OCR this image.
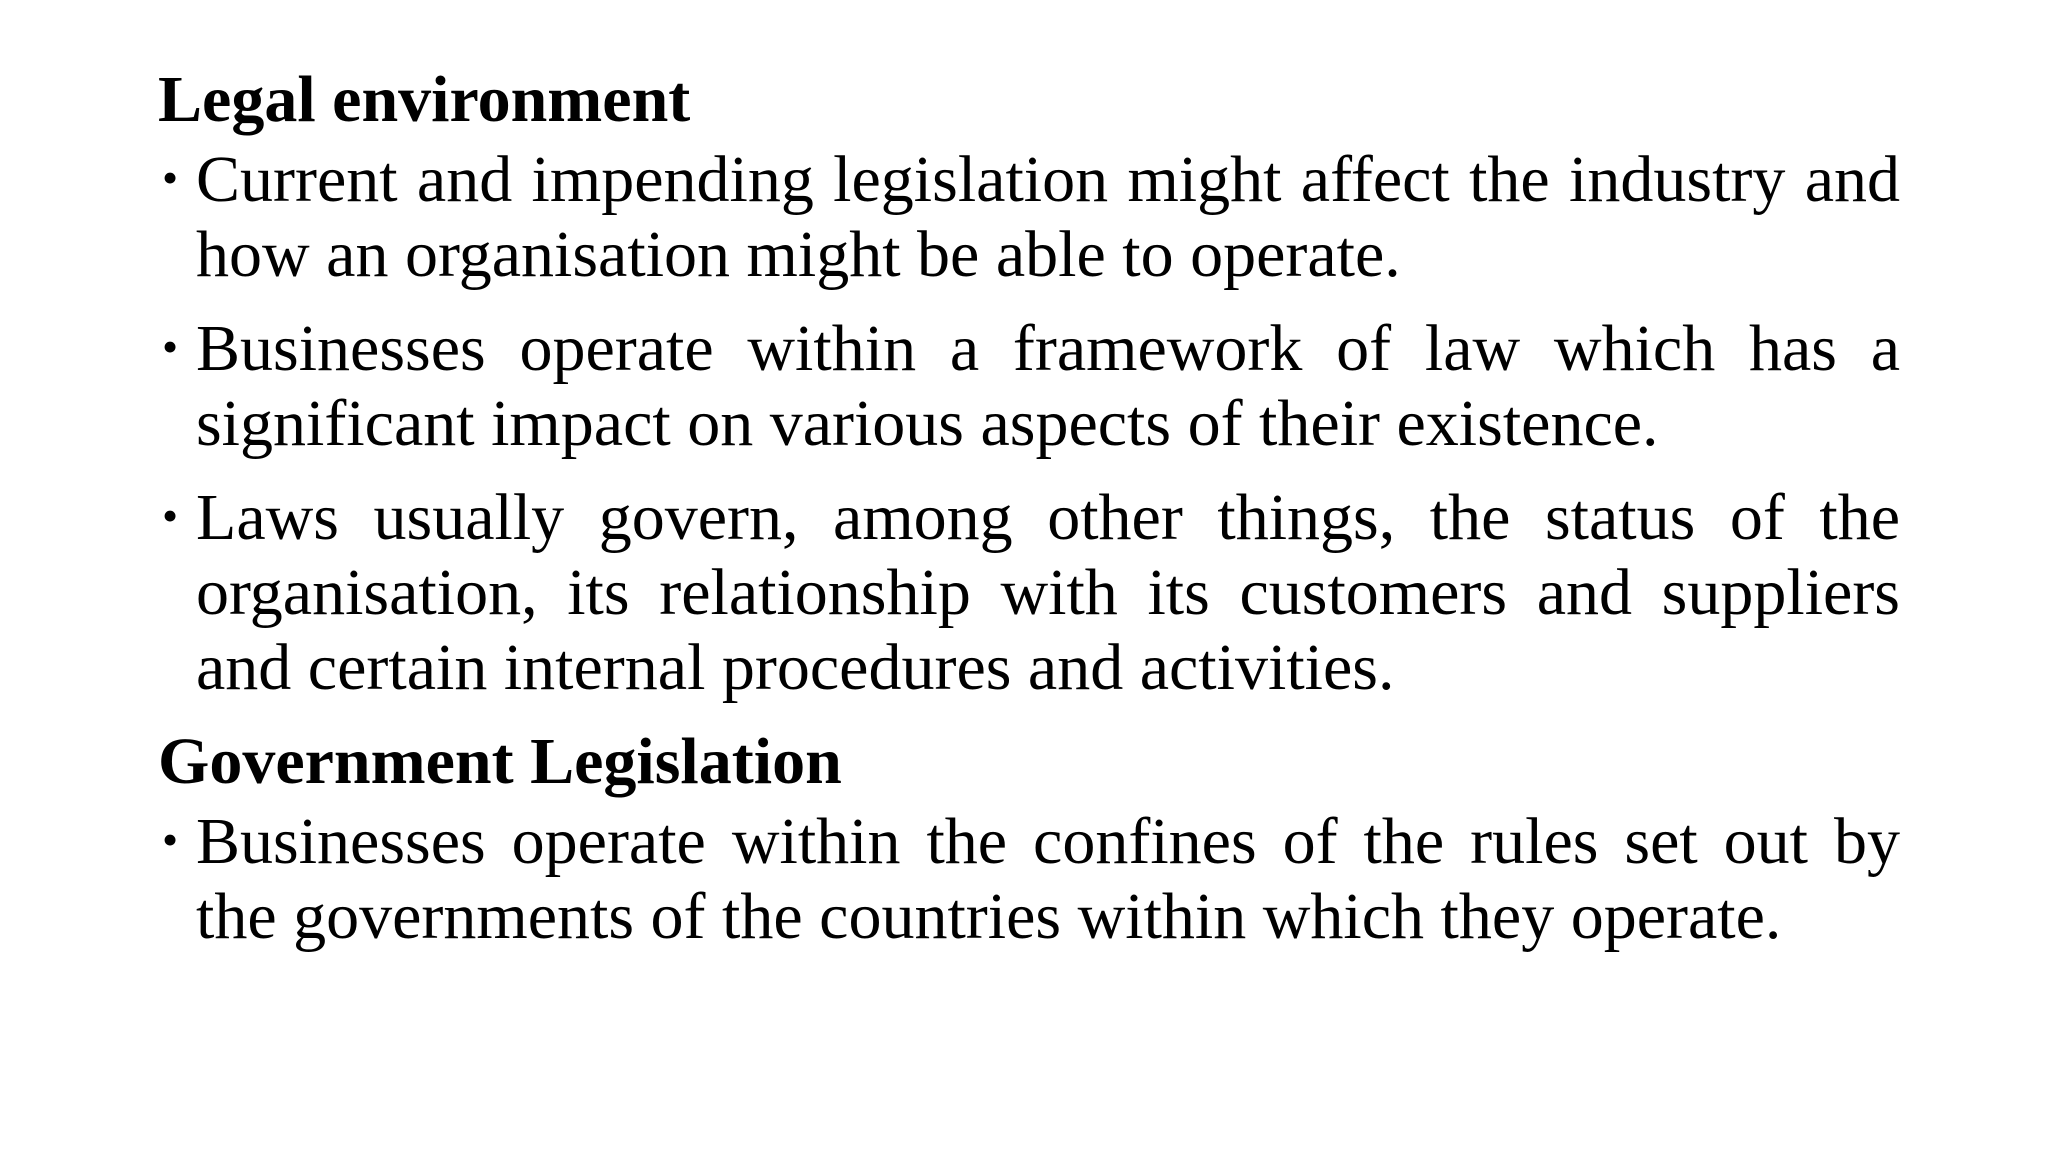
Legal environment
• Current and impending legislation might affect the industry and how an organisation might be able to operate.
• Businesses operate within a framework of law which has a significant impact on various aspects of their existence.
• Laws usually govern, among other things, the status of the organisation, its relationship with its customers and suppliers and certain internal procedures and activities.
Government Legislation
• Businesses operate within the confines of the rules set out by the governments of the countries within which they operate.
